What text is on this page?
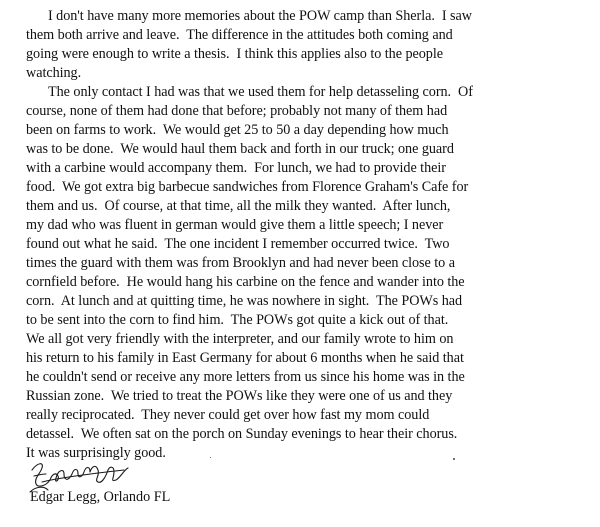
I don't have many more memories about the POW camp than Sherla.  I saw
them both arrive and leave.  The difference in the attitudes both coming and
going were enough to write a thesis.  I think this applies also to the people
watching.
The only contact I had was that we used them for help detasseling corn.  Of
course, none of them had done that before; probably not many of them had
been on farms to work.  We would get 25 to 50 a day depending how much
was to be done.  We would haul them back and forth in our truck; one guard
with a carbine would accompany them.  For lunch, we had to provide their
food.  We got extra big barbecue sandwiches from Florence Graham's Cafe for
them and us.  Of course, at that time, all the milk they wanted.  After lunch,
my dad who was fluent in german would give them a little speech; I never
found out what he said.  The one incident I remember occurred twice.  Two
times the guard with them was from Brooklyn and had never been close to a
cornfield before.  He would hang his carbine on the fence and wander into the
corn.  At lunch and at quitting time, he was nowhere in sight.  The POWs had
to be sent into the corn to find him.  The POWs got quite a kick out of that.
We all got very friendly with the interpreter, and our family wrote to him on
his return to his family in East Germany for about 6 months when he said that
he couldn't send or receive any more letters from us since his home was in the
Russian zone.  We tried to treat the POWs like they were one of us and they
really reciprocated.  They never could get over how fast my mom could
detassel.  We often sat on the porch on Sunday evenings to hear their chorus.
It was surprisingly good.
Edgar Legg, Orlando FL
